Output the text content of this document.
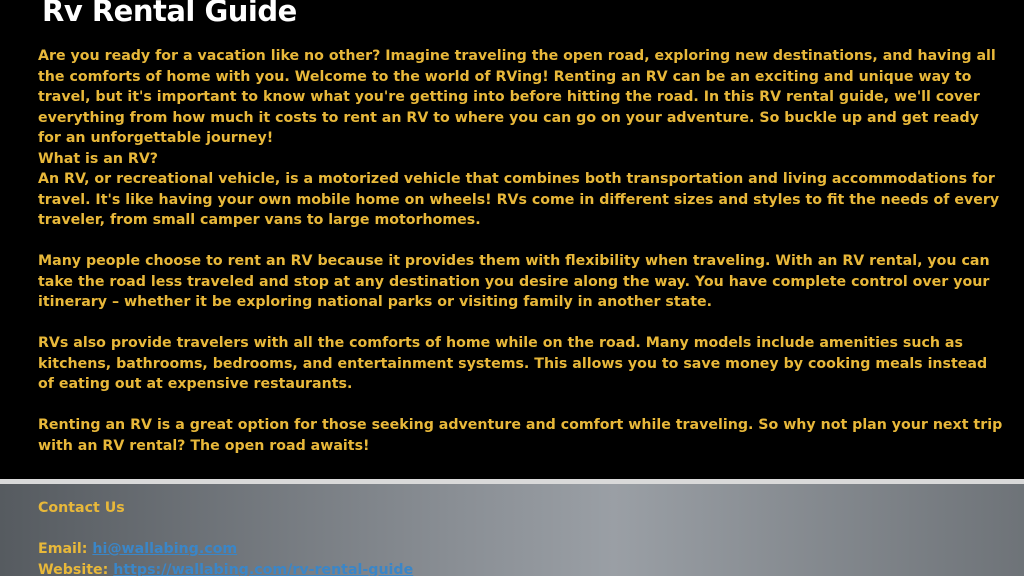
Rv Rental Guide

Are you ready for a vacation like no other? Imagine traveling the open road, exploring new destinations, and having all the comforts of home with you. Welcome to the world of RVing! Renting an RV can be an exciting and unique way to travel, but it's important to know what you're getting into before hitting the road. In this RV rental guide, we'll cover everything from how much it costs to rent an RV to where you can go on your adventure. So buckle up and get ready for an unforgettable journey!

What is an RV?

An RV, or recreational vehicle, is a motorized vehicle that combines both transportation and living accommodations for travel. It's like having your own mobile home on wheels! RVs come in different sizes and styles to fit the needs of every traveler, from small camper vans to large motorhomes.

Many people choose to rent an RV because it provides them with flexibility when traveling. With an RV rental, you can take the road less traveled and stop at any destination you desire along the way. You have complete control over your itinerary – whether it be exploring national parks or visiting family in another state.

RVs also provide travelers with all the comforts of home while on the road. Many models include amenities such as kitchens, bathrooms, bedrooms, and entertainment systems. This allows you to save money by cooking meals instead of eating out at expensive restaurants.

Renting an RV is a great option for those seeking adventure and comfort while traveling. So why not plan your next trip with an RV rental? The open road awaits!

Contact Us

Email: hi@wallabing.com

Website: https://wallabing.com/rv-rental-guide
